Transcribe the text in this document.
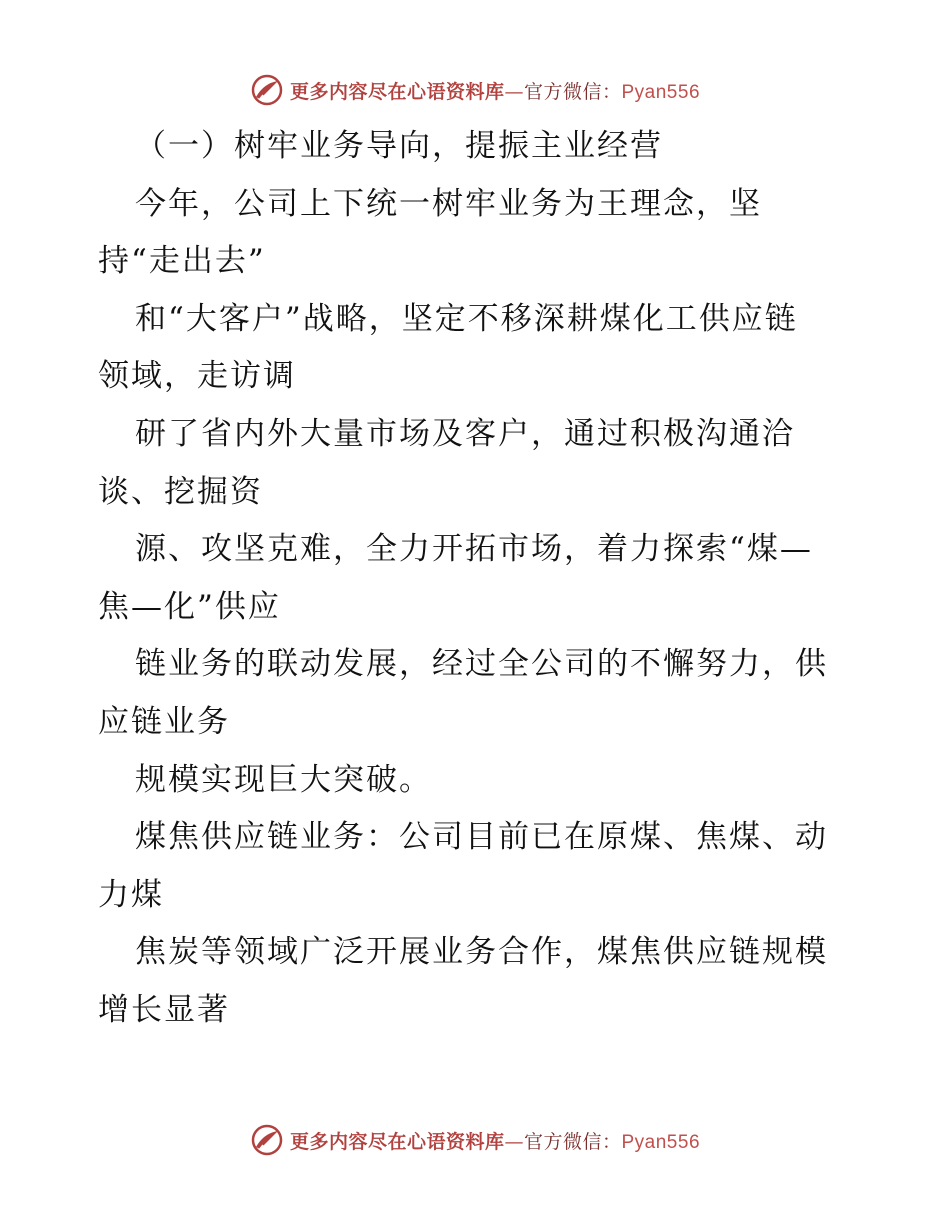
更多内容尽在心语资料库—官方微信：Pyan556
（一）树牢业务导向，提振主业经营
今年，公司上下统一树牢业务为王理念，坚
持“走出去”
和“大客户”战略，坚定不移深耕煤化工供应链
领域，走访调
研了省内外大量市场及客户，通过积极沟通洽
谈、挖掘资
源、攻坚克难，全力开拓市场，着力探索“煤—
焦—化”供应
链业务的联动发展，经过全公司的不懈努力，供
应链业务
规模实现巨大突破。
煤焦供应链业务：公司目前已在原煤、焦煤、动
力煤
焦炭等领域广泛开展业务合作，煤焦供应链规模
增长显著
更多内容尽在心语资料库—官方微信：Pyan556
